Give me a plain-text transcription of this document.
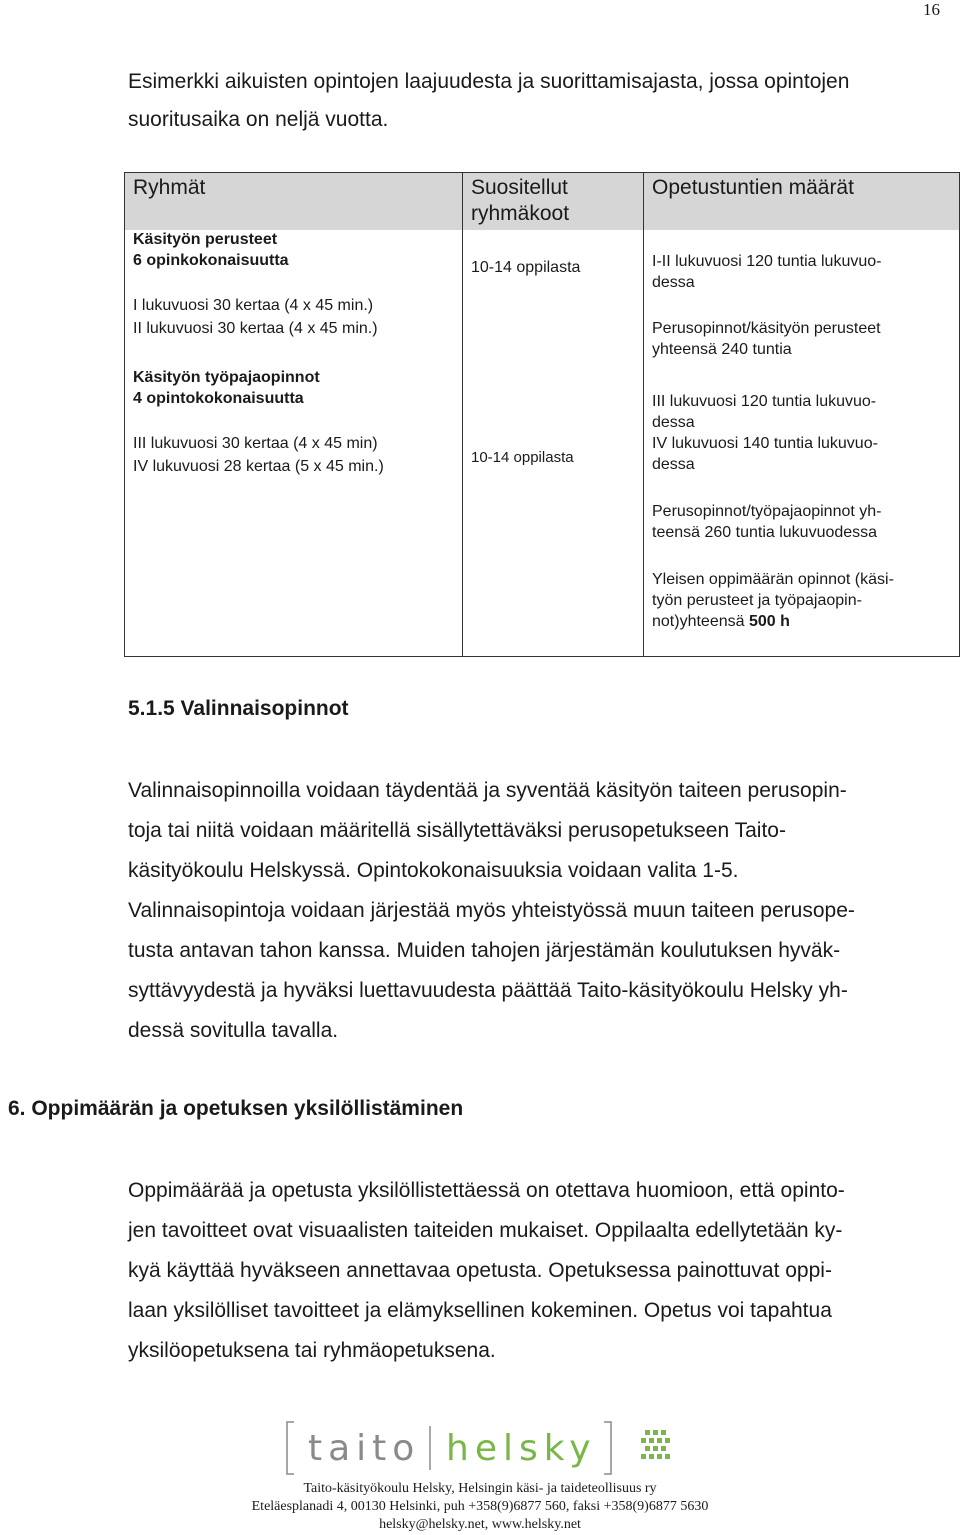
16
Esimerkki aikuisten opintojen laajuudesta ja suorittamisajasta, jossa opintojen
suoritusaika on neljä vuotta.
Ryhmät	Suositellut
ryhmäkoot
Opetustuntien määrät
Käsityön perusteet
6 opinkokonaisuutta
I lukuvuosi 30 kertaa (4 x 45 min.)
II lukuvuosi 30 kertaa (4 x 45 min.)
Käsityön työpajaopinnot
4 opintokokonaisuutta
III lukuvuosi 30 kertaa (4 x 45 min)
IV lukuvuosi 28 kertaa (5 x 45 min.)
10-14 oppilasta
10-14 oppilasta
I-II lukuvuosi 120 tuntia lukuvuo-
dessa
Perusopinnot/käsityön perusteet
yhteensä 240 tuntia
III lukuvuosi 120 tuntia lukuvuo-
dessa
IV lukuvuosi 140 tuntia lukuvuo-
dessa
Perusopinnot/työpajaopinnot yh-
teensä 260 tuntia lukuvuodessa
Yleisen oppimäärän opinnot (käsi-
työn perusteet ja työpajaopin-
not)yhteensä 500 h
5.1.5 Valinnaisopinnot
Valinnaisopinnoilla voidaan täydentää ja syventää käsityön taiteen perusopin-
toja tai niitä voidaan määritellä sisällytettäväksi perusopetukseen Taito-
käsityökoulu Helskyssä. Opintokokonaisuuksia voidaan valita 1-5.
Valinnaisopintoja voidaan järjestää myös yhteistyössä muun taiteen perusope-
tusta antavan tahon kanssa. Muiden tahojen järjestämän koulutuksen hyväk-
syttävyydestä ja hyväksi luettavuudesta päättää Taito-käsityökoulu Helsky yh-
dessä sovitulla tavalla.
6. Oppimäärän ja opetuksen yksilöllistäminen
Oppimäärää ja opetusta yksilöllistettäessä on otettava huomioon, että opinto-
jen tavoitteet ovat visuaalisten taiteiden mukaiset. Oppilaalta edellytetään ky-
kyä käyttää hyväkseen annettavaa opetusta. Opetuksessa painottuvat oppi-
laan yksilölliset tavoitteet ja elämyksellinen kokeminen. Opetus voi tapahtua
yksilöopetuksena tai ryhmäopetuksena.
taito helsky
Taito-käsityökoulu Helsky, Helsingin käsi- ja taideteollisuus ry
Eteläesplanadi 4, 00130 Helsinki, puh +358(9)6877 560, faksi +358(9)6877 5630
helsky@helsky.net, www.helsky.net
